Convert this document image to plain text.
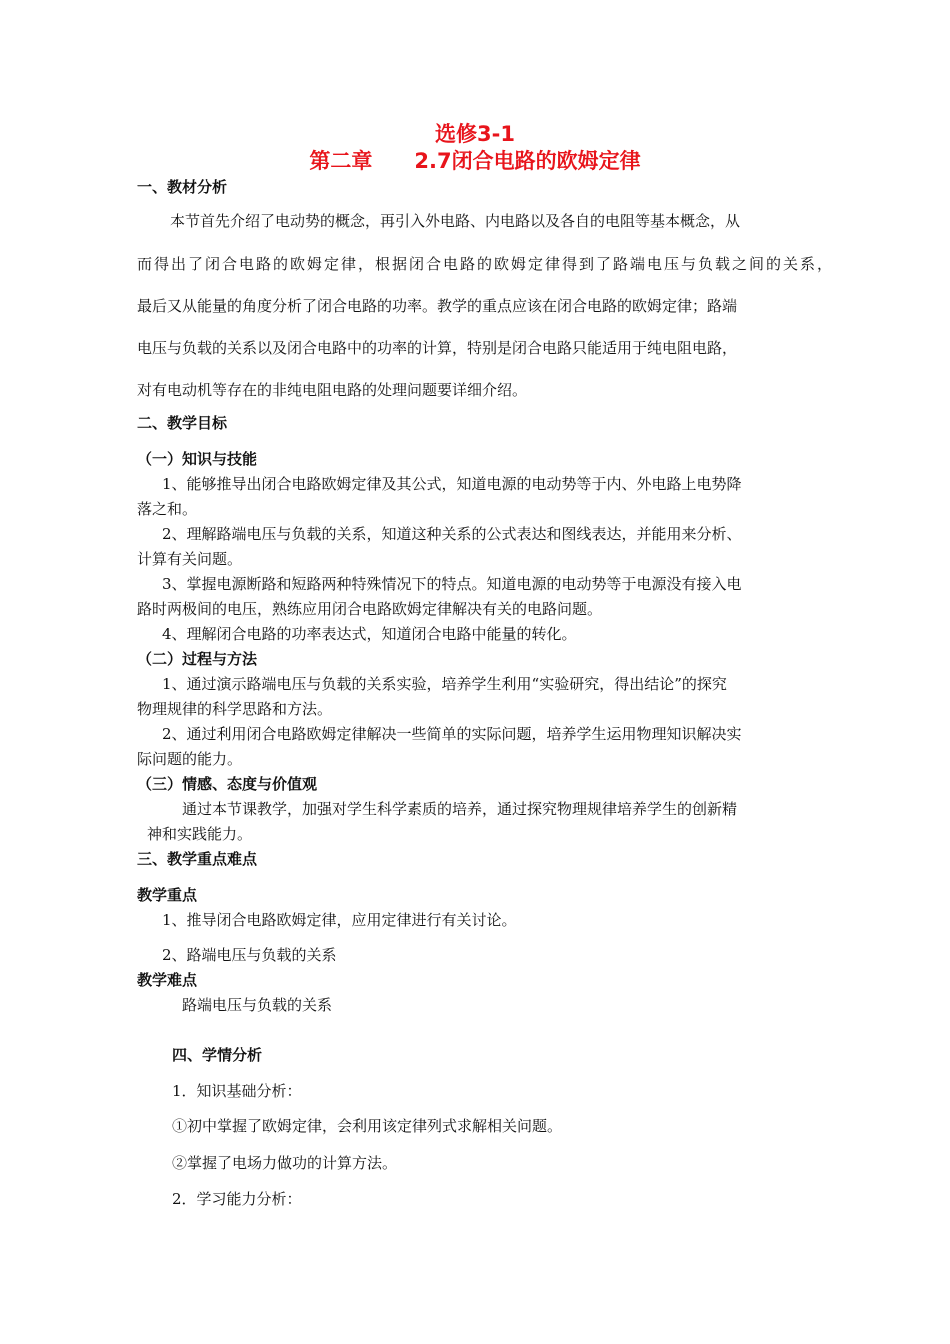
选修3-1
第二章　　2.7闭合电路的欧姆定律
一、教材分析
本节首先介绍了电动势的概念，再引入外电路、内电路以及各自的电阻等基本概念，从
而得出了闭合电路的欧姆定律，根据闭合电路的欧姆定律得到了路端电压与负载之间的关系，
最后又从能量的角度分析了闭合电路的功率。教学的重点应该在闭合电路的欧姆定律；路端
电压与负载的关系以及闭合电路中的功率的计算，特别是闭合电路只能适用于纯电阻电路，
对有电动机等存在的非纯电阻电路的处理问题要详细介绍。
二、教学目标
（一）知识与技能
1、能够推导出闭合电路欧姆定律及其公式，知道电源的电动势等于内、外电路上电势降
落之和。
2、理解路端电压与负载的关系，知道这种关系的公式表达和图线表达，并能用来分析、
计算有关问题。
3、掌握电源断路和短路两种特殊情况下的特点。知道电源的电动势等于电源没有接入电
路时两极间的电压，熟练应用闭合电路欧姆定律解决有关的电路问题。
4、理解闭合电路的功率表达式，知道闭合电路中能量的转化。
（二）过程与方法
1、通过演示路端电压与负载的关系实验，培养学生利用“实验研究，得出结论”的探究
物理规律的科学思路和方法。
2、通过利用闭合电路欧姆定律解决一些简单的实际问题，培养学生运用物理知识解决实
际问题的能力。
（三）情感、态度与价值观
通过本节课教学，加强对学生科学素质的培养，通过探究物理规律培养学生的创新精
神和实践能力。
三、教学重点难点
教学重点
1、推导闭合电路欧姆定律，应用定律进行有关讨论。
2、路端电压与负载的关系
教学难点
路端电压与负载的关系
四、学情分析
1．知识基础分析：
①初中掌握了欧姆定律，会利用该定律列式求解相关问题。
②掌握了电场力做功的计算方法。
2．学习能力分析：
